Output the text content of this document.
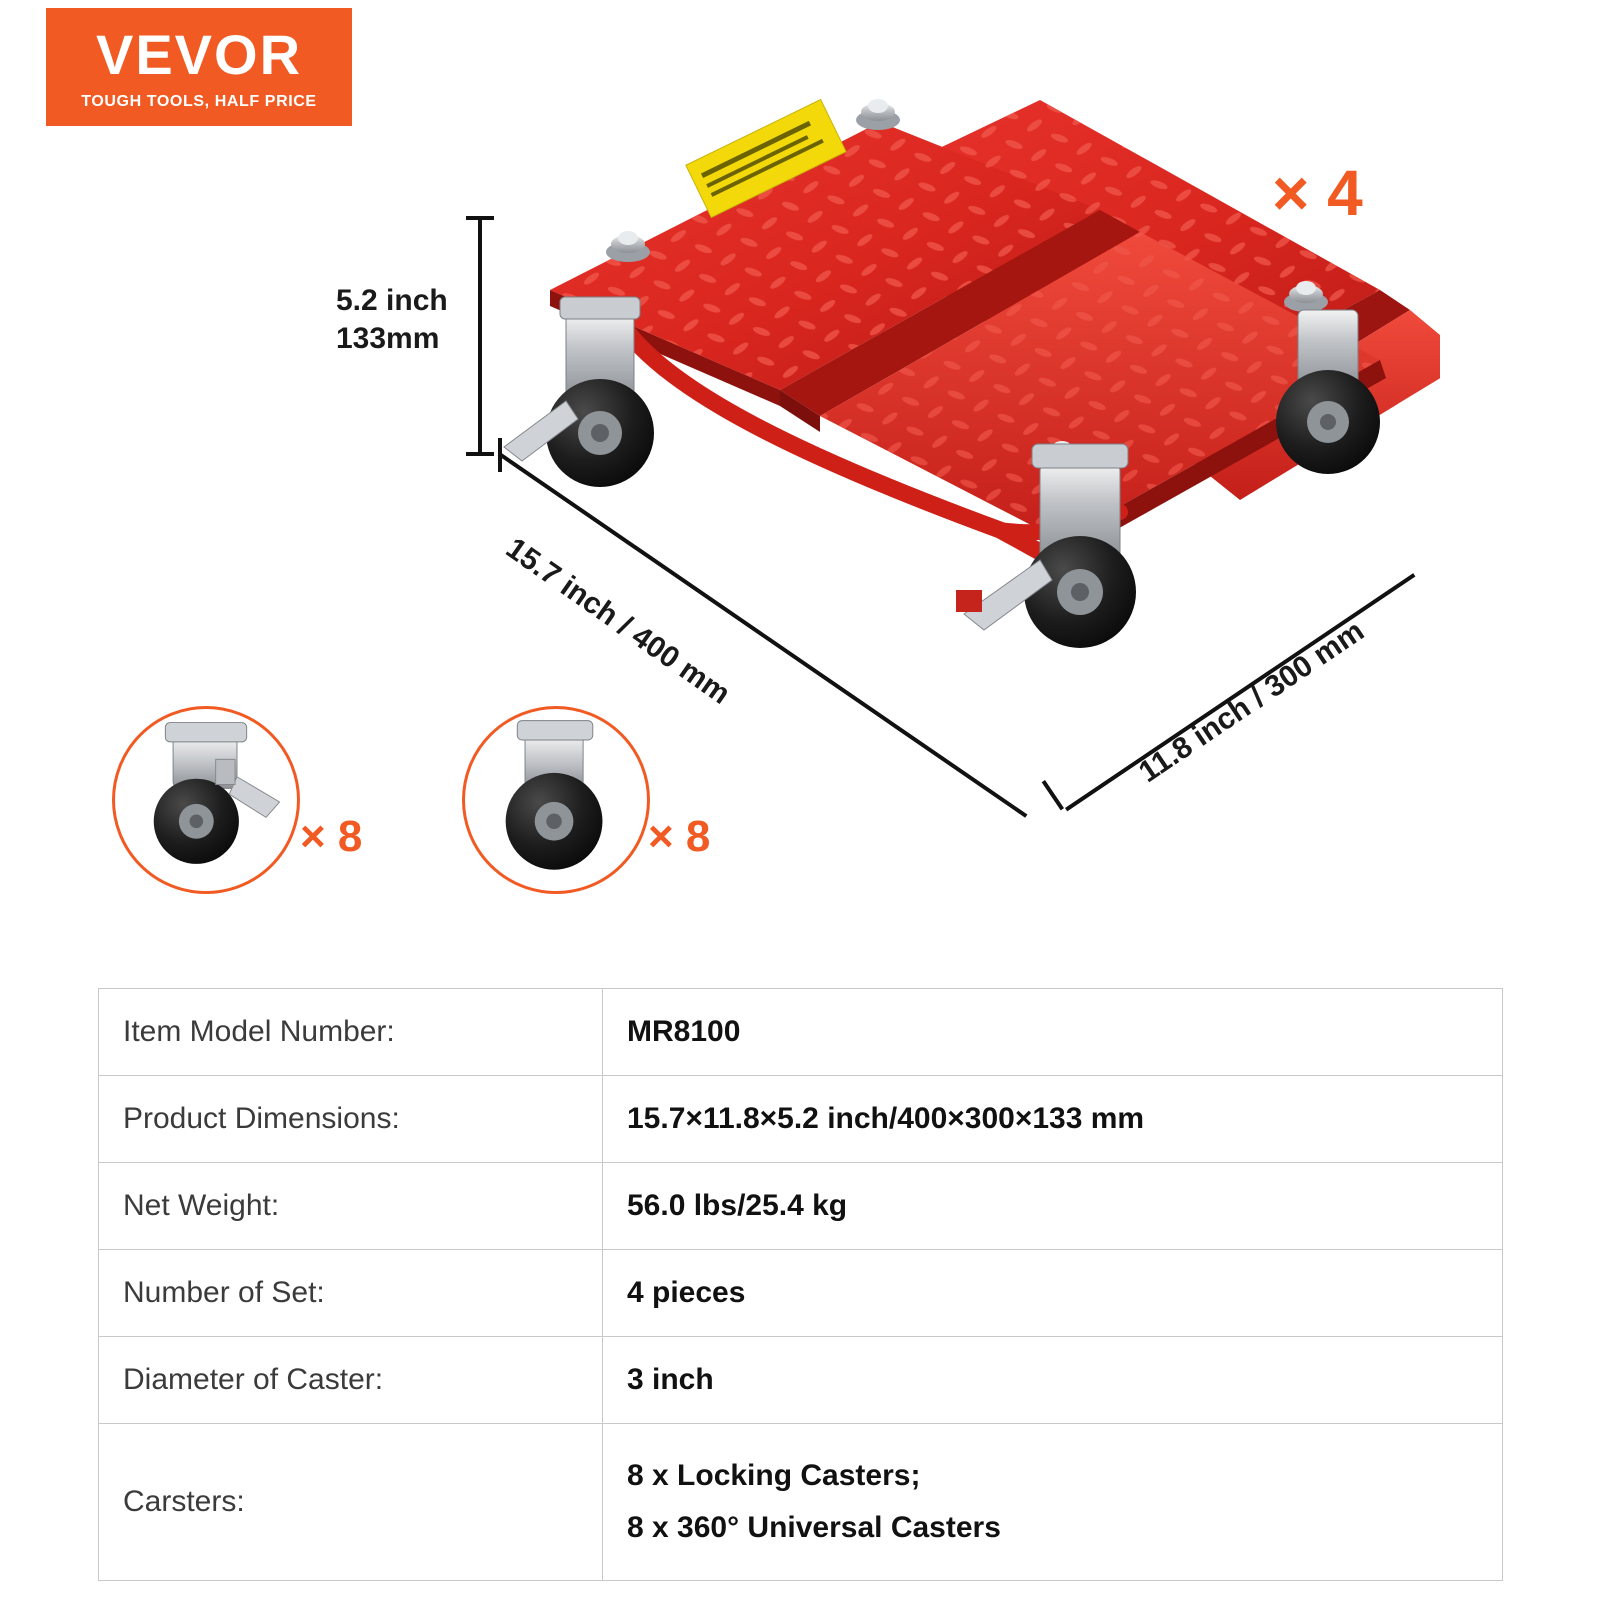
VEVOR
TOUGH TOOLS, HALF PRICE
× 4
5.2 inch
133mm
15.7 inch / 400 mm	11.8 inch / 300 mm
× 8	× 8
Item Model Number:	MR8100
Product Dimensions:	15.7×11.8×5.2 inch/400×300×133 mm
Net Weight:	56.0 lbs/25.4 kg
Number of Set:	4 pieces
Diameter of Caster:	3 inch
Carsters:	8 x Locking Casters;
8 x 360° Universal Casters
